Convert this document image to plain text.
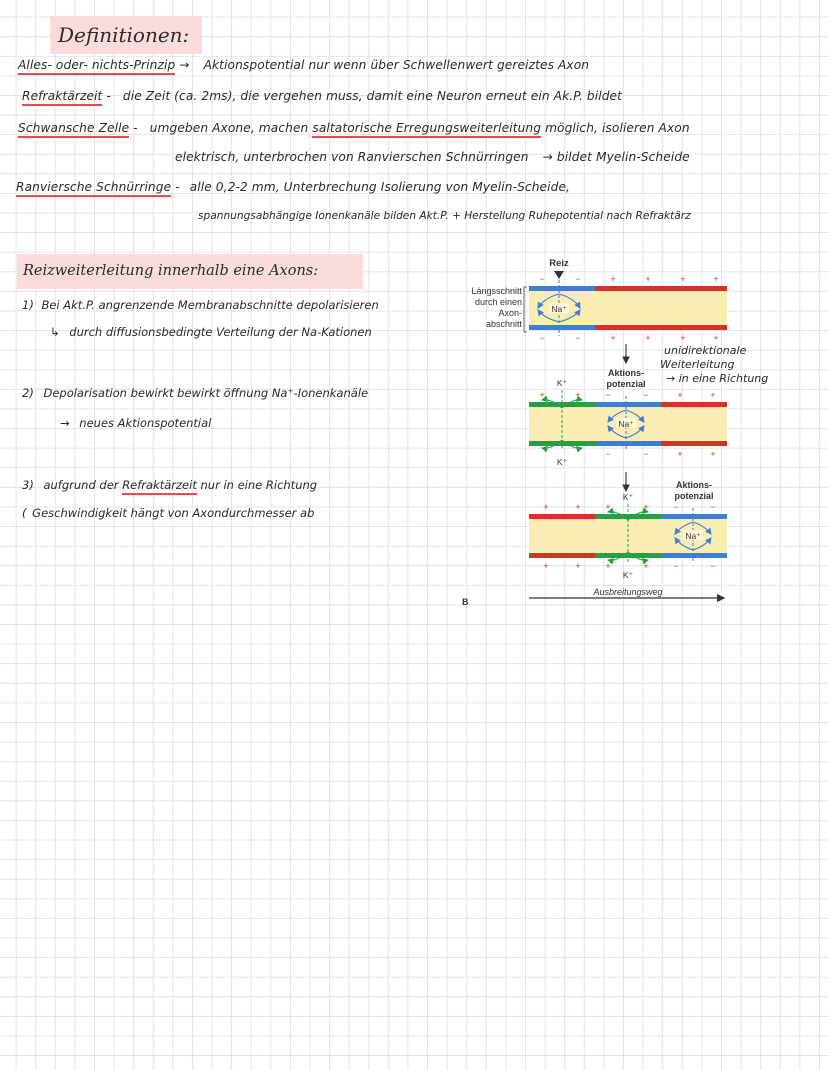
Definitionen:
Alles- oder- nichts-Prinzip → Aktionspotential nur wenn über Schwellenwert gereiztes Axon
Refraktärzeit - die Zeit (ca. 2ms), die vergehen muss, damit eine Neuron erneut ein Ak.P. bildet
Schwansche Zelle - umgeben Axone, machen saltatorische Erregungsweiterleitung möglich, isolieren Axon
elektrisch, unterbrochen von Ranvierschen Schnürringen → bildet Myelin-Scheide
Ranviersche Schnürringe - alle 0,2-2 mm, Unterbrechung Isolierung von Myelin-Scheide,
spannungsabhängige Ionenkanäle bilden Akt.P. + Herstellung Ruhepotential nach Refraktärz
Reizweiterleitung innerhalb eine Axons:
1) Bei Akt.P. angrenzende Membranabschnitte depolarisieren
↳ durch diffusionsbedingte Verteilung der Na-Kationen
2) Depolarisation bewirkt bewirkt öffnung Na⁺-Ionenkanäle
→ neues Aktionspotential
3) aufgrund der Refraktärzeit nur in eine Richtung
( Geschwindigkeit hängt von Axondurchmesser ab
unidirektionale
Weiterleitung
→ in eine Richtung
Reiz
Längsschnitt
durch einen
Axon-
abschnitt
+	+	+	+
+	+	+	+
−	−
−	−
Na⁺
Aktions-
potenzial
+	+	+	+
+	+
−	−
−	−
K⁺
K⁺
Na⁺
Aktions-
potenzial
+	+	+	+
+	+	+	+
−	−
−	−
K⁺
K⁺
Na⁺
Ausbreitungsweg
B
